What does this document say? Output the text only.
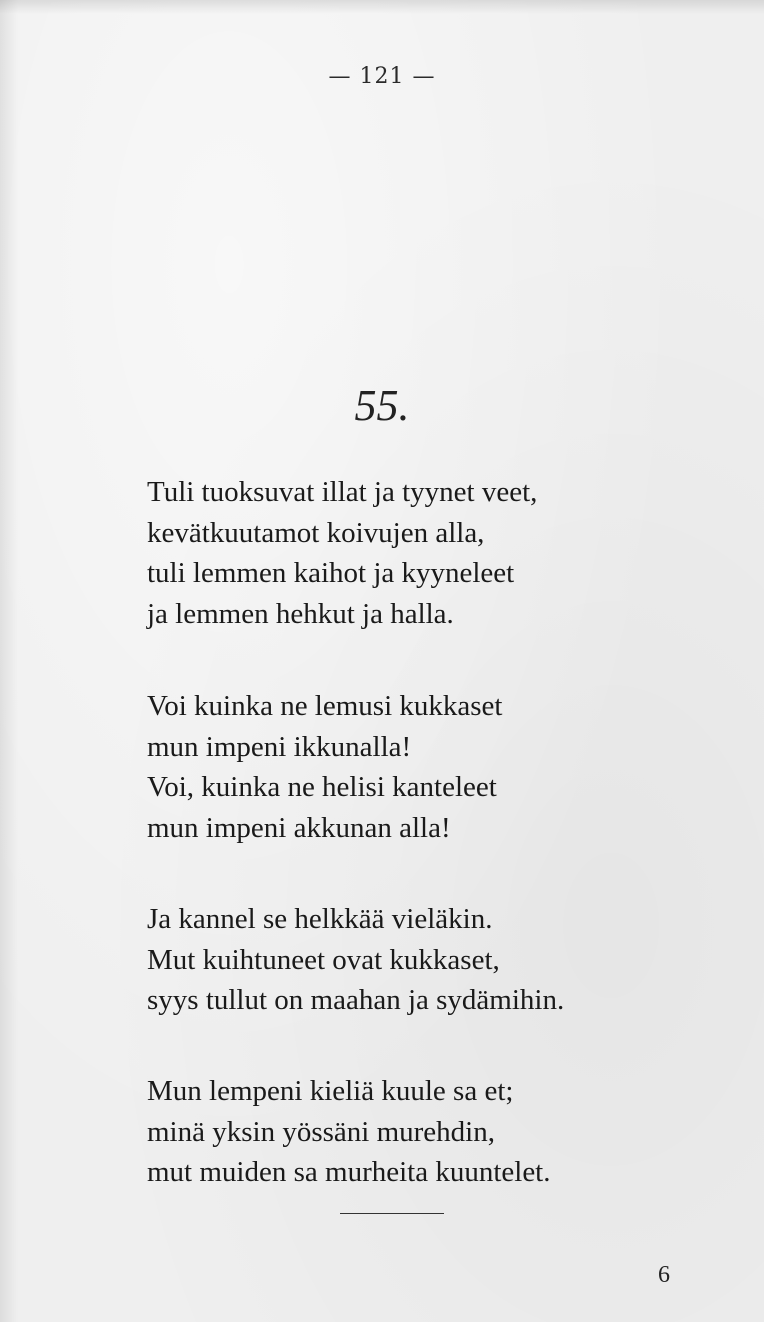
— 121 —
55.
Tuli tuoksuvat illat ja tyynet veet,
kevätkuutamot koivujen alla,
tuli lemmen kaihot ja kyyneleet
ja lemmen hehkut ja halla.
Voi kuinka ne lemusi kukkaset
mun impeni ikkunalla!
Voi, kuinka ne helisi kanteleet
mun impeni akkunan alla!
Ja kannel se helkkää vieläkin.
Mut kuihtuneet ovat kukkaset,
syys tullut on maahan ja sydämihin.
Mun lempeni kieliä kuule sa et;
minä yksin yössäni murehdin,
mut muiden sa murheita kuuntelet.
6
